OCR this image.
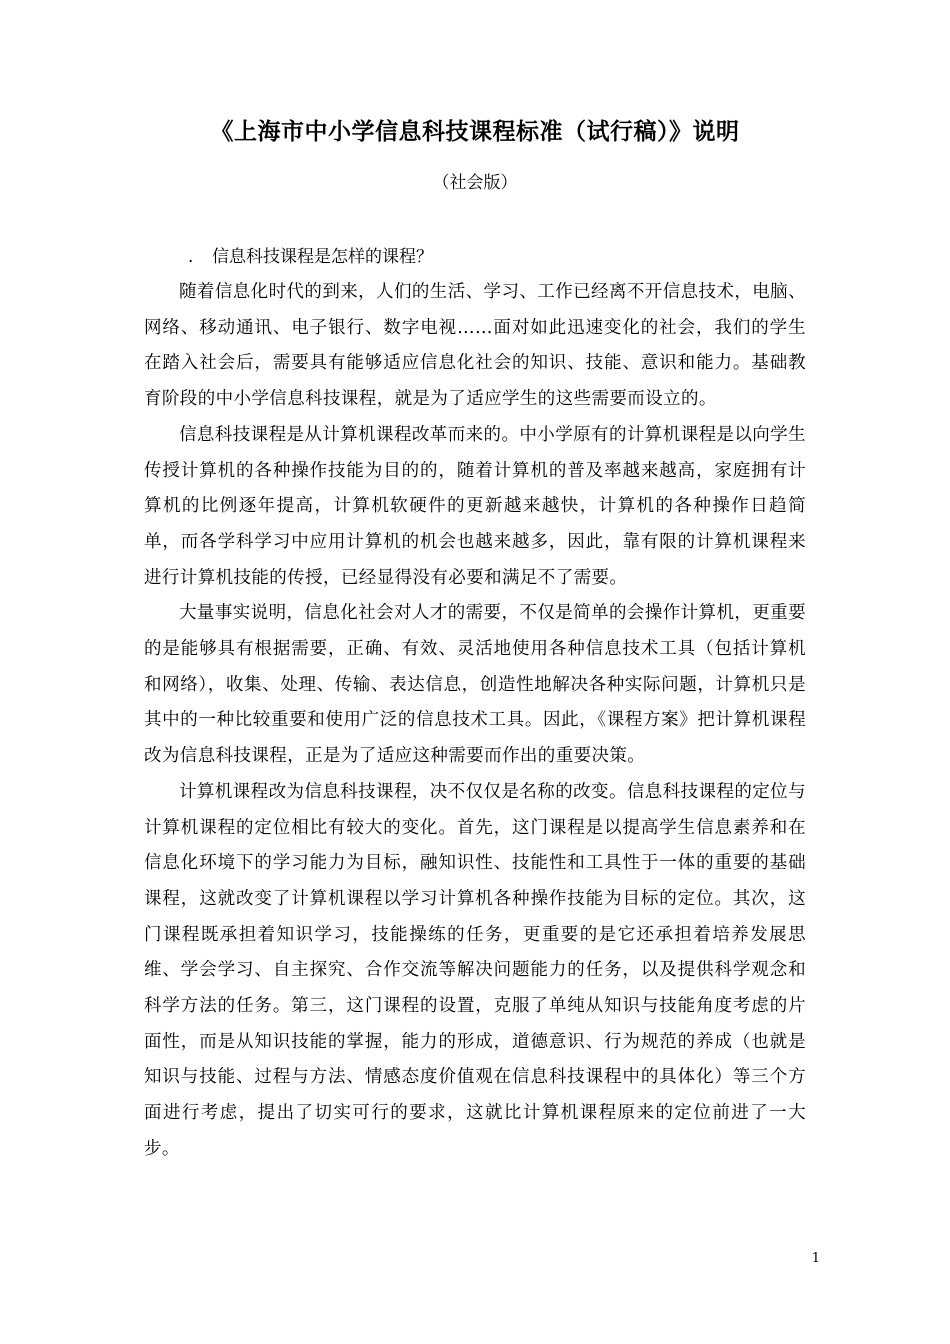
《上海市中小学信息科技课程标准（试行稿）》说明
（社会版）

. 信息科技课程是怎样的课程？

随着信息化时代的到来，人们的生活、学习、工作已经离不开信息技术，电脑、网络、移动通讯、电子银行、数字电视……面对如此迅速变化的社会，我们的学生在踏入社会后，需要具有能够适应信息化社会的知识、技能、意识和能力。基础教育阶段的中小学信息科技课程，就是为了适应学生的这些需要而设立的。

信息科技课程是从计算机课程改革而来的。中小学原有的计算机课程是以向学生传授计算机的各种操作技能为目的的，随着计算机的普及率越来越高，家庭拥有计算机的比例逐年提高，计算机软硬件的更新越来越快，计算机的各种操作日趋简单，而各学科学习中应用计算机的机会也越来越多，因此，靠有限的计算机课程来进行计算机技能的传授，已经显得没有必要和满足不了需要。

大量事实说明，信息化社会对人才的需要，不仅是简单的会操作计算机，更重要的是能够具有根据需要，正确、有效、灵活地使用各种信息技术工具（包括计算机和网络），收集、处理、传输、表达信息，创造性地解决各种实际问题，计算机只是其中的一种比较重要和使用广泛的信息技术工具。因此，《课程方案》把计算机课程改为信息科技课程，正是为了适应这种需要而作出的重要决策。

计算机课程改为信息科技课程，决不仅仅是名称的改变。信息科技课程的定位与计算机课程的定位相比有较大的变化。首先，这门课程是以提高学生信息素养和在信息化环境下的学习能力为目标，融知识性、技能性和工具性于一体的重要的基础课程，这就改变了计算机课程以学习计算机各种操作技能为目标的定位。其次，这门课程既承担着知识学习，技能操练的任务，更重要的是它还承担着培养发展思维、学会学习、自主探究、合作交流等解决问题能力的任务，以及提供科学观念和科学方法的任务。第三，这门课程的设置，克服了单纯从知识与技能角度考虑的片面性，而是从知识技能的掌握，能力的形成，道德意识、行为规范的养成（也就是知识与技能、过程与方法、情感态度价值观在信息科技课程中的具体化）等三个方面进行考虑，提出了切实可行的要求，这就比计算机课程原来的定位前进了一大步。

1
